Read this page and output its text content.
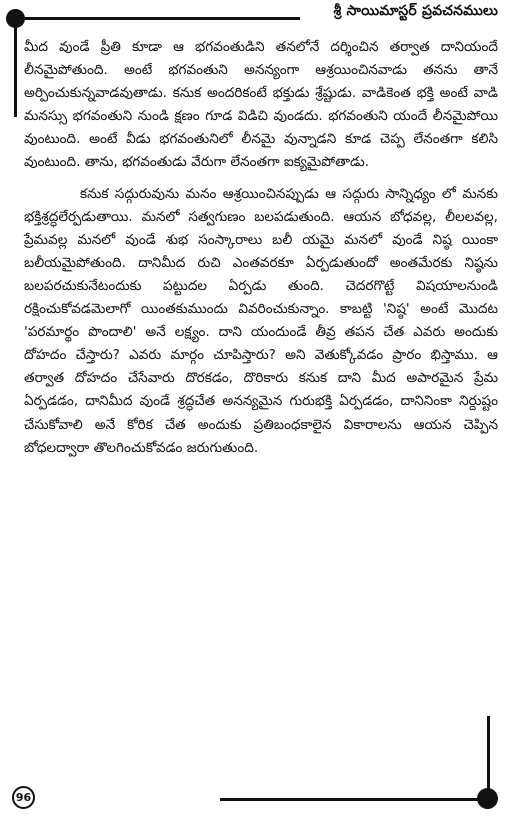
శ్రీ సాయిమాస్టర్ ప్రవచనములు

మీద వుండే ప్రీతి కూడా ఆ భగవంతుడిని తనలోనే దర్శించిన తర్వాత దానియందే లీనమైపోతుంది. అంటే భగవంతుని అనన్యంగా ఆశ్రయించినవాడు తనను తానే అర్పించుకున్నవాడవుతాడు. కనుక అందరికంటే భక్తుడు శ్రేష్టుడు. వాడికెంత భక్తి అంటే వాడి మనస్సు భగవంతుని నుండి క్షణం గూడ విడిచి వుండదు. భగవంతుని యందే లీనమైపోయి వుంటుంది. అంటే వీడు భగవంతునిలో లీనమై వున్నాడని కూడ చెప్ప లేనంతగా కలిసి వుంటుంది. తాను, భగవంతుడు వేరుగా లేనంతగా ఐక్యమైపోతాడు.

కనుక సద్గురువును మనం ఆశ్రయించినప్పుడు ఆ సద్గురు సాన్నిధ్యం లో మనకు భక్తిశ్రద్ధలేర్పడుతాయి. మనలో సత్వగుణం బలపడుతుంది. ఆయన బోధవల్ల, లీలలవల్ల, ప్రేమవల్ల మనలో వుండే శుభ సంస్కారాలు బలీ యమై మనలో వుండే నిష్ఠ యింకా బలీయమైపోతుంది. దానిమీద రుచి ఎంతవరకూ ఏర్పడుతుందో అంతమేరకు నిష్ఠను బలపరచుకునేటందుకు పట్టుదల ఏర్పడు తుంది. చెదరగొట్టే విషయాలనుండి రక్షించుకోవడమెలాగో యింతకుముందు వివరించుకున్నాం. కాబట్టి 'నిష్ఠ' అంటే మొదట 'పరమార్థం పొందాలి' అనే లక్ష్యం. దాని యందుండే తీవ్ర తపన చేత ఎవరు అందుకు దోహదం చేస్తారు? ఎవరు మార్గం చూపిస్తారు? అని వెతుక్కోవడం ప్రారం భిస్తాము. ఆ తర్వాత దోహదం చేసేవారు దొరకడం, దొరికారు కనుక దాని మీద అపారమైన ప్రేమ ఏర్పడడం, దానిమీద వుండే శ్రద్ధచేత అనన్యమైన గురుభక్తి ఏర్పడడం, దానినింకా నిర్దుష్టం చేసుకోవాలి అనే కోరిక చేత అందుకు ప్రతిబంధకాలైన వికారాలను ఆయన చెప్పిన బోధలద్వారా తొలగించుకోవడం జరుగుతుంది.

96
